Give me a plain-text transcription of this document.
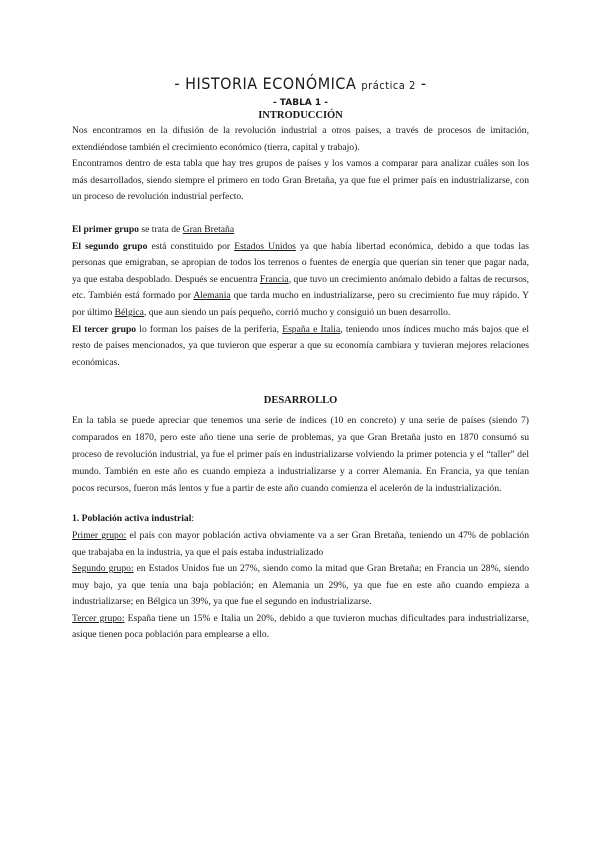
- HISTORIA ECONÓMICA práctica 2 -
- TABLA 1 -
INTRODUCCIÓN

Nos encontramos en la difusión de la revolución industrial a otros países, a través de procesos de imitación, extendiéndose también el crecimiento económico (tierra, capital y trabajo).

Encontramos dentro de esta tabla que hay tres grupos de países y los vamos a comparar para analizar cuáles son los más desarrollados, siendo siempre el primero en todo Gran Bretaña, ya que fue el primer país en industrializarse, con un proceso de revolución industrial perfecto.

El primer grupo se trata de Gran Bretaña

El segundo grupo está constituido por Estados Unidos ya que había libertad económica, debido a que todas las personas que emigraban, se apropian de todos los terrenos o fuentes de energía que querían sin tener que pagar nada, ya que estaba despoblado. Después se encuentra Francia, que tuvo un crecimiento anómalo debido a faltas de recursos, etc. También está formado por Alemania que tarda mucho en industrializarse, pero su crecimiento fue muy rápido. Y por último Bélgica, que aun siendo un país pequeño, corrió mucho y consiguió un buen desarrollo.

El tercer grupo lo forman los países de la periferia, España e Italia, teniendo unos índices mucho más bajos que el resto de países mencionados, ya que tuvieron que esperar a que su economía cambiara y tuvieran mejores relaciones económicas.

DESARROLLO

En la tabla se puede apreciar que tenemos una serie de índices (10 en concreto) y una serie de países (siendo 7) comparados en 1870, pero este año tiene una serie de problemas, ya que Gran Bretaña justo en 1870 consumó su proceso de revolución industrial, ya fue el primer país en industrializarse volviendo la primer potencia y el “taller” del mundo. También en este año es cuando empieza a industrializarse y a correr Alemania. En Francia, ya que tenían pocos recursos, fueron más lentos y fue a partir de este año cuando comienza el acelerón de la industrialización.

1. Población activa industrial:

Primer grupo: el país con mayor población activa obviamente va a ser Gran Bretaña, teniendo un 47% de población que trabajaba en la industria, ya que el país estaba industrializado

Segundo grupo: en Estados Unidos fue un 27%, siendo como la mitad que Gran Bretaña; en Francia un 28%, siendo muy bajo, ya que tenía una baja población; en Alemania un 29%, ya que fue en este año cuando empieza a industrializarse; en Bélgica un 39%, ya que fue el segundo en industrializarse.

Tercer grupo: España tiene un 15% e Italia un 20%, debido a que tuvieron muchas dificultades para industrializarse, asique tienen poca población para emplearse a ello.
